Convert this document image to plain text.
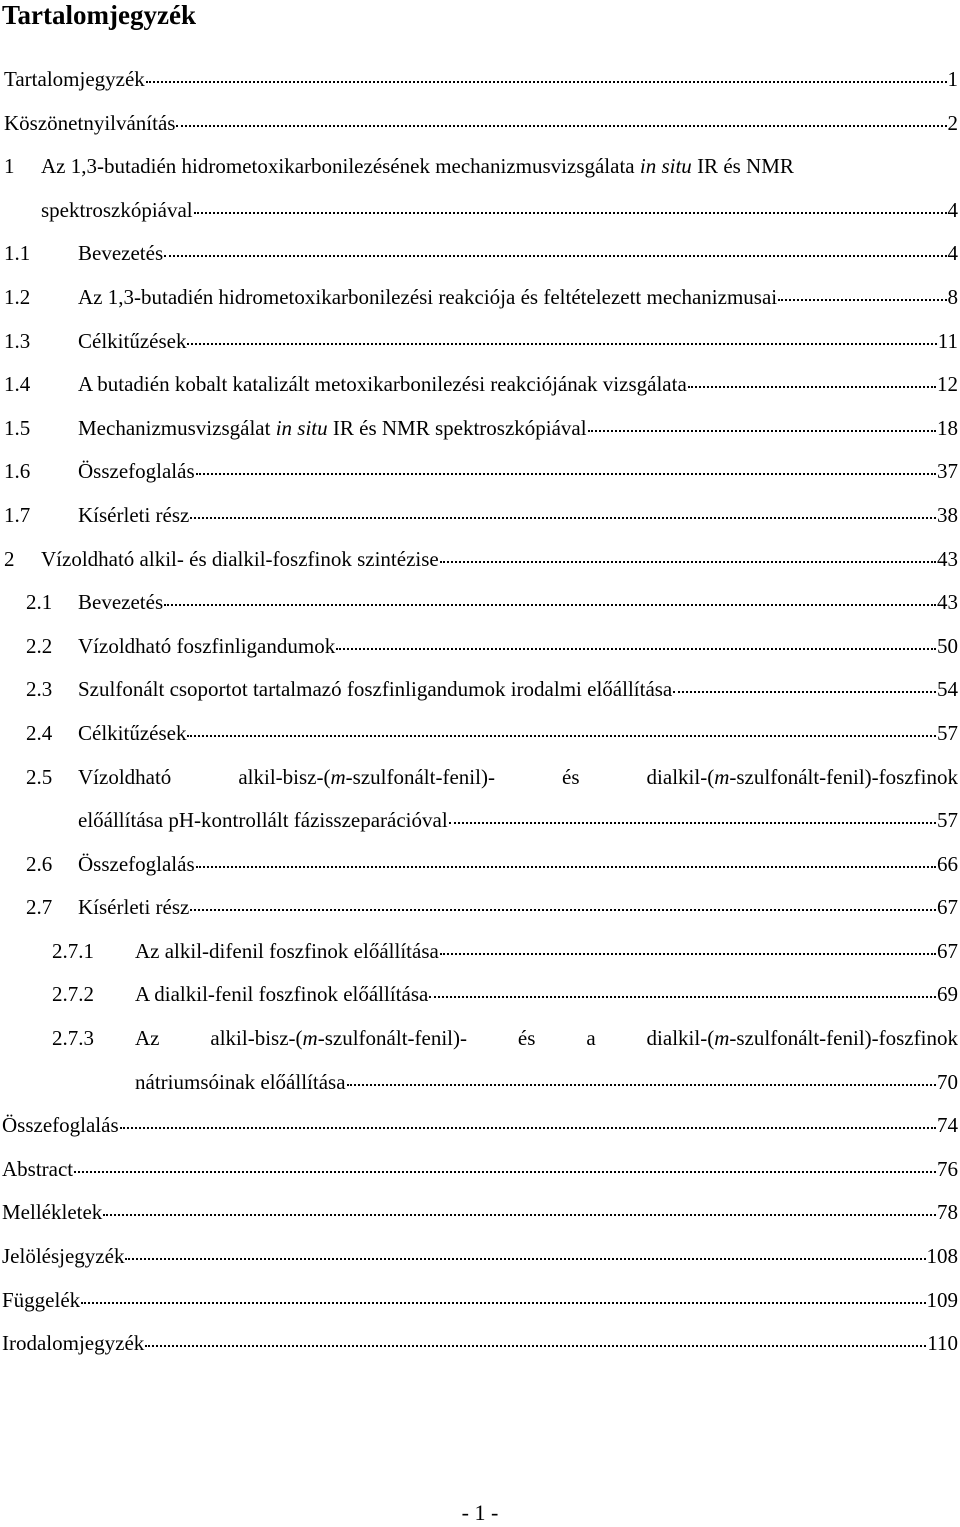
Tartalomjegyzék
Tartalomjegyzék	1
Köszönetnyilvánítás	2
1 Az 1,3-butadién hidrometoxikarbonilezésének mechanizmusvizsgálata in situ IR és NMR
spektroszkópiával	4
1.1 Bevezetés	4
1.2 Az 1,3-butadién hidrometoxikarbonilezési reakciója és feltételezett mechanizmusai	8
1.3 Célkitűzések	11
1.4 A butadién kobalt katalizált metoxikarbonilezési reakciójának vizsgálata	12
1.5 Mechanizmusvizsgálat in situ IR és NMR spektroszkópiával	18
1.6 Összefoglalás	37
1.7 Kísérleti rész	38
2 Vízoldható alkil- és dialkil-foszfinok szintézise	43
2.1 Bevezetés	43
2.2 Vízoldható foszfinligandumok	50
2.3 Szulfonált csoportot tartalmazó foszfinligandumok irodalmi előállítása	54
2.4 Célkitűzések	57
2.5 Vízoldható	alkil-bisz-(m-szulfonált-fenil)-	és	dialkil-(m-szulfonált-fenil)-foszfinok
előállítása pH-kontrollált fázisszeparációval	57
2.6 Összefoglalás	66
2.7 Kísérleti rész	67
2.7.1 Az alkil-difenil foszfinok előállítása	67
2.7.2 A dialkil-fenil foszfinok előállítása	69
2.7.3 Az alkil-bisz-(m-szulfonált-fenil)- és a dialkil-(m-szulfonált-fenil)-foszfinok
nátriumsóinak előállítása	70
Összefoglalás	74
Abstract	76
Mellékletek	78
Jelölésjegyzék	108
Függelék	109
Irodalomjegyzék	110
- 1 -
